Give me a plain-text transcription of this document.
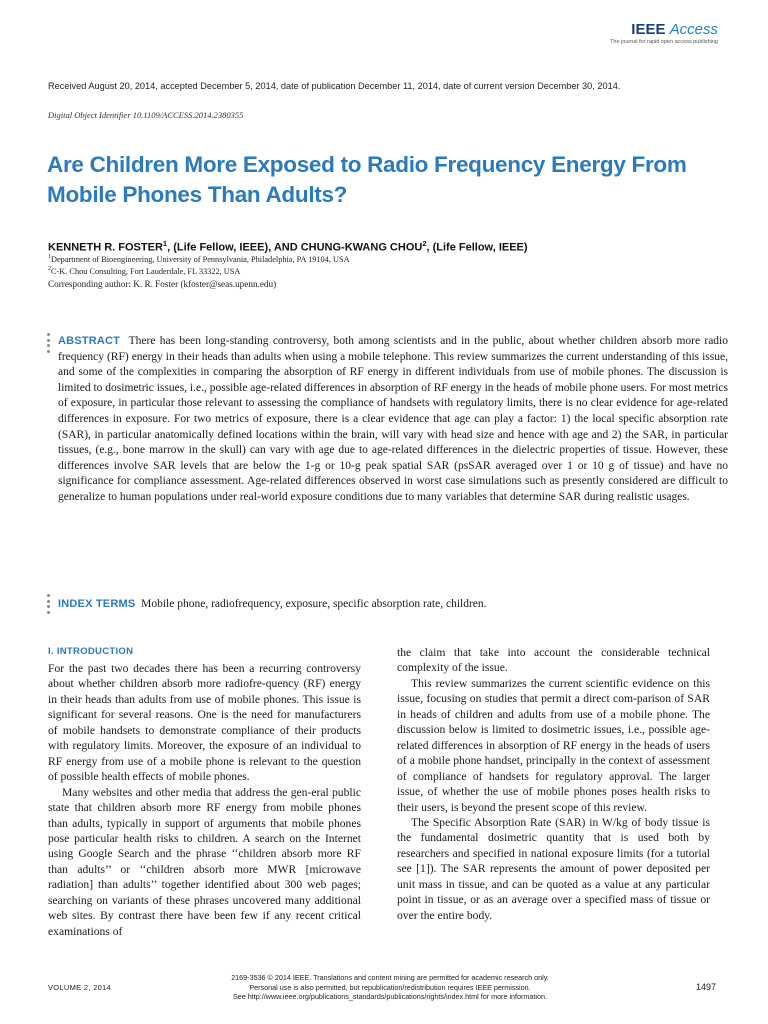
IEEE Access
The journal for rapid open access publishing
Received August 20, 2014, accepted December 5, 2014, date of publication December 11, 2014, date of current version December 30, 2014.
Digital Object Identifier 10.1109/ACCESS.2014.2380355
Are Children More Exposed to Radio Frequency Energy From Mobile Phones Than Adults?
KENNETH R. FOSTER$^1$, (Life Fellow, IEEE), AND CHUNG-KWANG CHOU$^2$, (Life Fellow, IEEE)
$^1$Department of Bioengineering, University of Pennsylvania, Philadelphia, PA 19104, USA
$^2$C-K. Chou Consulting, Fort Lauderdale, FL 33322, USA
Corresponding author: K. R. Foster (kfoster@seas.upenn.edu)
ABSTRACT There has been long-standing controversy, both among scientists and in the public, about whether children absorb more radio frequency (RF) energy in their heads than adults when using a mobile telephone. This review summarizes the current understanding of this issue, and some of the complexities in comparing the absorption of RF energy in different individuals from use of mobile phones. The discussion is limited to dosimetric issues, i.e., possible age-related differences in absorption of RF energy in the heads of mobile phone users. For most metrics of exposure, in particular those relevant to assessing the compliance of handsets with regulatory limits, there is no clear evidence for age-related differences in exposure. For two metrics of exposure, there is a clear evidence that age can play a factor: 1) the local specific absorption rate (SAR), in particular anatomically defined locations within the brain, will vary with head size and hence with age and 2) the SAR, in particular tissues, (e.g., bone marrow in the skull) can vary with age due to age-related differences in the dielectric properties of tissue. However, these differences involve SAR levels that are below the 1-g or 10-g peak spatial SAR (psSAR averaged over 1 or 10 g of tissue) and have no significance for compliance assessment. Age-related differences observed in worst case simulations such as presently considered are difficult to generalize to human populations under real-world exposure conditions due to many variables that determine SAR during realistic usages.
INDEX TERMS Mobile phone, radiofrequency, exposure, specific absorption rate, children.

I. INTRODUCTION

For the past two decades there has been a recurring controversy about whether children absorb more radiofre-quency (RF) energy in their heads than adults from use of mobile phones. This issue is significant for several reasons. One is the need for manufacturers of mobile handsets to demonstrate compliance of their products with regulatory limits. Moreover, the exposure of an individual to RF energy from use of a mobile phone is relevant to the question of possible health effects of mobile phones.

Many websites and other media that address the gen-eral public state that children absorb more RF energy from mobile phones than adults, typically in support of arguments that mobile phones pose particular health risks to children. A search on the Internet using Google Search and the phrase ‘‘children absorb more RF than adults’’ or ‘‘children absorb more MWR [microwave radiation] than adults’’ together identified about 300 web pages; searching on variants of these phrases uncovered many additional web sites. By contrast there have been few if any recent critical examinations of

the claim that take into account the considerable technical complexity of the issue.

This review summarizes the current scientific evidence on this issue, focusing on studies that permit a direct com-parison of SAR in heads of children and adults from use of a mobile phone. The discussion below is limited to dosimetric issues, i.e., possible age-related differences in absorption of RF energy in the heads of users of a mobile phone handset, principally in the context of assessment of compliance of handsets for regulatory approval. The larger issue, of whether the use of mobile phones poses health risks to their users, is beyond the present scope of this review.

The Specific Absorption Rate (SAR) in W/kg of body tissue is the fundamental dosimetric quantity that is used both by researchers and specified in national exposure limits (for a tutorial see [1]). The SAR represents the amount of power deposited per unit mass in tissue, and can be quoted as a value at any particular point in tissue, or as an average over a specified mass of tissue or over the entire body.

VOLUME 2, 2014
2169-3536 © 2014 IEEE. Translations and content mining are permitted for academic research only.
Personal use is also permitted, but republication/redistribution requires IEEE permission.
See http://www.ieee.org/publications_standards/publications/rights/index.html for more information.
1497
